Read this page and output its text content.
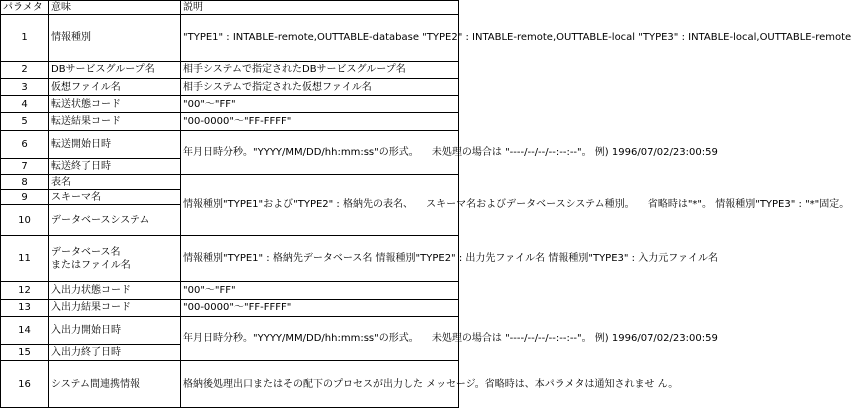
パラメタ	意味	説明
1	情報種別	"TYPE1" : INTABLE-remote,OUTTABLE-database "TYPE2" : INTABLE-remote,OUTTABLE-local "TYPE3" : INTABLE-local,OUTTABLE-remote
2	DBサービスグループ名	相手システムで指定されたDBサービスグループ名
3	仮想ファイル名	相手システムで指定された仮想ファイル名
4	転送状態コード	"00"～"FF"
5	転送結果コード	"00-0000"～"FF-FFFF"
6	転送開始日時	年月日時分秒。"YYYY/MM/DD/hh:mm:ss"の形式。 　未処理の場合は "----/--/--/--:--:--"。 例) 1996/07/02/23:00:59
7	転送終了日時	
8	表名	情報種別"TYPE1"および"TYPE2" : 格納先の表名、 　スキーマ名およびデータベースシステム種別。 　省略時は"*"。 情報種別"TYPE3" : "*"固定。
9	スキーマ名	
10	データベースシステム	
11	データベース名
またはファイル名	情報種別"TYPE1" : 格納先データベース名 情報種別"TYPE2" : 出力先ファイル名 情報種別"TYPE3" : 入力元ファイル名
12	入出力状態コード	"00"～"FF"
13	入出力結果コード	"00-0000"～"FF-FFFF"
14	入出力開始日時	年月日時分秒。"YYYY/MM/DD/hh:mm:ss"の形式。 　未処理の場合は "----/--/--/--:--:--"。 例) 1996/07/02/23:00:59
15	入出力終了日時	
16	システム間連携情報	格納後処理出口またはその配下のプロセスが出力した メッセージ。省略時は、本パラメタは通知されませ ん。
